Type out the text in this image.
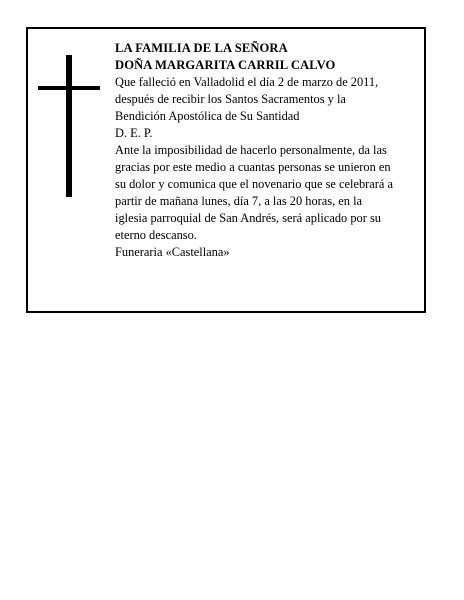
LA FAMILIA DE LA SEÑORA

DOÑA MARGARITA CARRIL CALVO

Que falleció en Valladolid el día 2 de marzo de 2011,

después de recibir los Santos Sacramentos y la

Bendición Apostólica de Su Santidad

D. E. P.

Ante la imposibilidad de hacerlo personalmente, da las

gracias por este medio a cuantas personas se unieron en

su dolor y comunica que el novenario que se celebrará a

partir de mañana lunes, día 7, a las 20 horas, en la

iglesia parroquial de San Andrés, será aplicado por su

eterno descanso.

Funeraria «Castellana»
